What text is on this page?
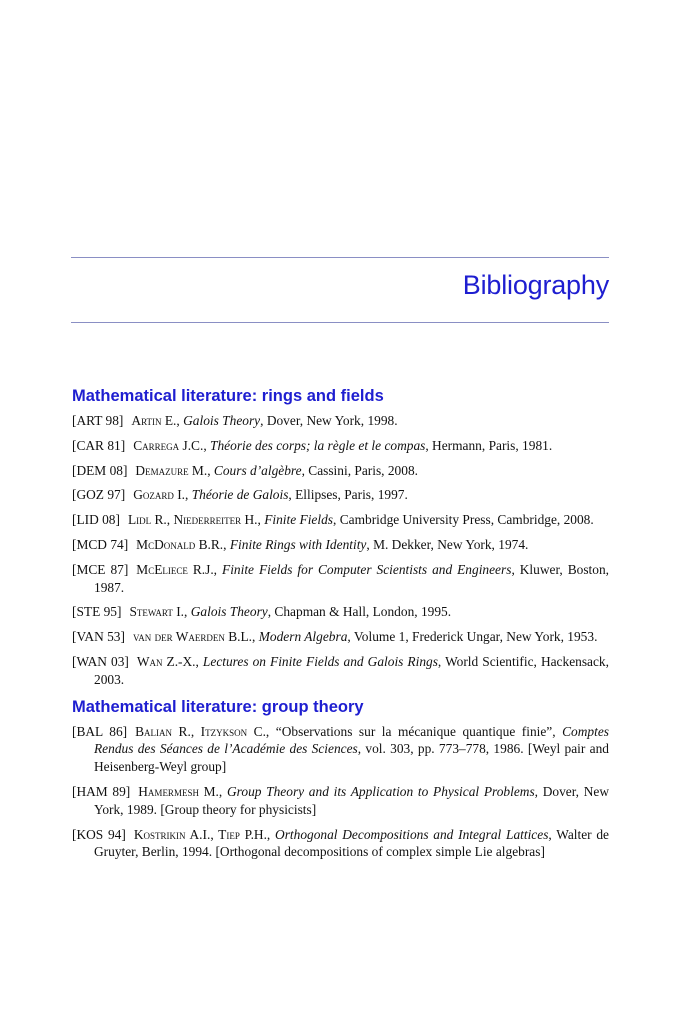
Bibliography
Mathematical literature: rings and fields

[ART 98] Artin E., Galois Theory, Dover, New York, 1998.

[CAR 81] Carrega J.C., Théorie des corps; la règle et le compas, Hermann, Paris, 1981.

[DEM 08] Demazure M., Cours d’algèbre, Cassini, Paris, 2008.

[GOZ 97] Gozard I., Théorie de Galois, Ellipses, Paris, 1997.

[LID 08] Lidl R., Niederreiter H., Finite Fields, Cambridge University Press, Cambridge, 2008.

[MCD 74] McDonald B.R., Finite Rings with Identity, M. Dekker, New York, 1974.

[MCE 87] McEliece R.J., Finite Fields for Computer Scientists and Engineers, Kluwer, Boston, 1987.

[STE 95] Stewart I., Galois Theory, Chapman & Hall, London, 1995.

[VAN 53] van der Waerden B.L., Modern Algebra, Volume 1, Frederick Ungar, New York, 1953.

[WAN 03] Wan Z.-X., Lectures on Finite Fields and Galois Rings, World Scientific, Hackensack, 2003.

Mathematical literature: group theory

[BAL 86] Balian R., Itzykson C., “Observations sur la mécanique quantique finie”, Comptes Rendus des Séances de l’Académie des Sciences, vol. 303, pp. 773–778, 1986. [Weyl pair and Heisenberg-Weyl group]

[HAM 89] Hamermesh M., Group Theory and its Application to Physical Problems, Dover, New York, 1989. [Group theory for physicists]

[KOS 94] Kostrikin A.I., Tiep P.H., Orthogonal Decompositions and Integral Lattices, Walter de Gruyter, Berlin, 1994. [Orthogonal decompositions of complex simple Lie algebras]
